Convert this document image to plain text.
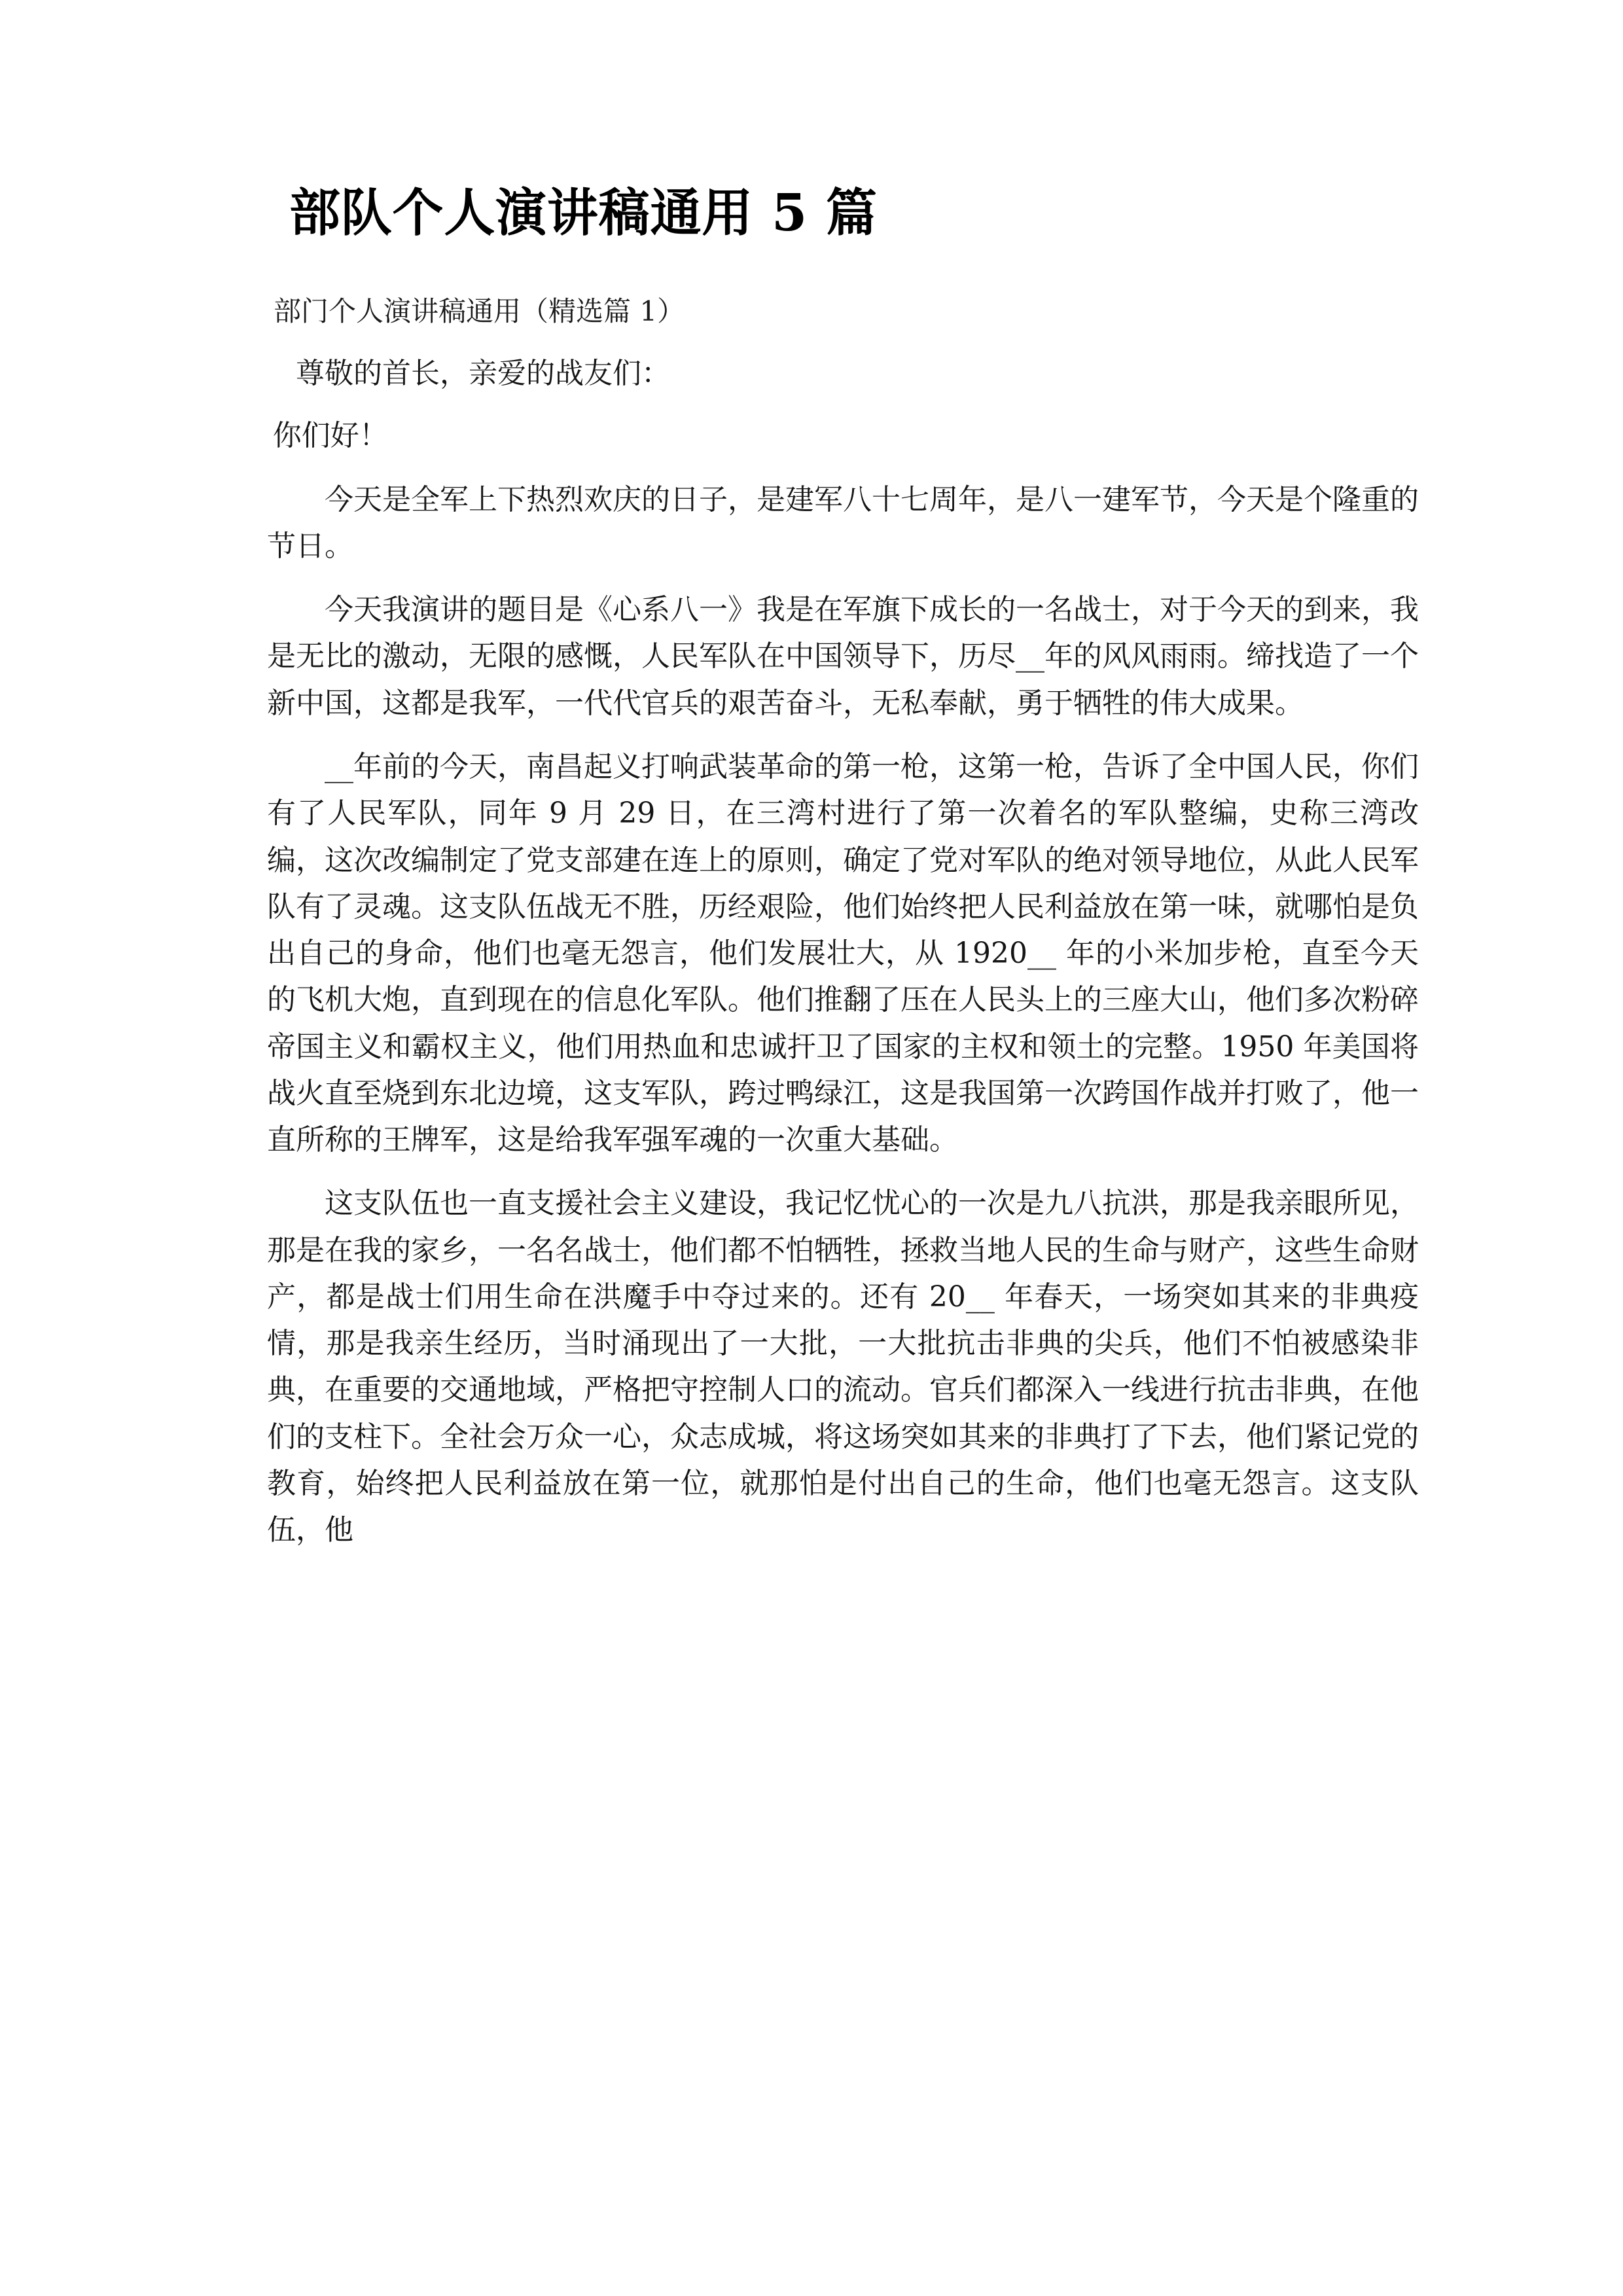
部队个人演讲稿通用 5 篇

部门个人演讲稿通用（精选篇 1）

尊敬的首长，亲爱的战友们：

你们好！

今天是全军上下热烈欢庆的日子，是建军八十七周年，是八一建军节，今天是个隆重的节日。

今天我演讲的题目是《心系八一》我是在军旗下成长的一名战士，对于今天的到来，我是无比的激动，无限的感慨，人民军队在中国领导下，历尽__年的风风雨雨。缔找造了一个新中国，这都是我军，一代代官兵的艰苦奋斗，无私奉献，勇于牺牲的伟大成果。

__年前的今天，南昌起义打响武装革命的第一枪，这第一枪，告诉了全中国人民，你们有了人民军队，同年 9 月 29 日，在三湾村进行了第一次着名的军队整编，史称三湾改编，这次改编制定了党支部建在连上的原则，确定了党对军队的绝对领导地位，从此人民军队有了灵魂。这支队伍战无不胜，历经艰险，他们始终把人民利益放在第一味，就哪怕是负出自己的身命，他们也毫无怨言，他们发展壮大，从 1920__ 年的小米加步枪，直至今天的飞机大炮，直到现在的信息化军队。他们推翻了压在人民头上的三座大山，他们多次粉碎帝国主义和霸权主义，他们用热血和忠诚扞卫了国家的主权和领土的完整。1950 年美国将战火直至烧到东北边境，这支军队，跨过鸭绿江，这是我国第一次跨国作战并打败了，他一直所称的王牌军，这是给我军强军魂的一次重大基础。

这支队伍也一直支援社会主义建设，我记忆忧心的一次是九八抗洪，那是我亲眼所见，那是在我的家乡，一名名战士，他们都不怕牺牲，拯救当地人民的生命与财产，这些生命财产，都是战士们用生命在洪魔手中夺过来的。还有 20__ 年春天，一场突如其来的非典疫情，那是我亲生经历，当时涌现出了一大批，一大批抗击非典的尖兵，他们不怕被感染非典，在重要的交通地域，严格把守控制人口的流动。官兵们都深入一线进行抗击非典，在他们的支柱下。全社会万众一心，众志成城，将这场突如其来的非典打了下去，他们紧记党的教育，始终把人民利益放在第一位，就那怕是付出自己的生命，他们也毫无怨言。这支队伍，他
